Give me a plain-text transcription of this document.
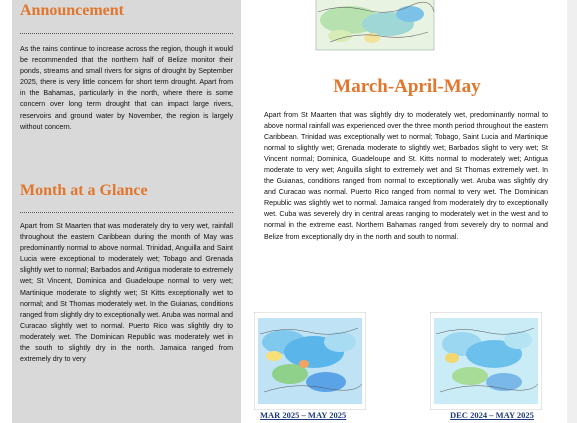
Announcement

As the rains continue to increase across the region, though it would be recommended that the northern half of Belize monitor their ponds, streams and small rivers for signs of drought by September 2025, there is very little concern for short term drought. Apart from in the Bahamas, particularly in the north, where there is some concern over long term drought that can impact large rivers, reservoirs and ground water by November, the region is largely without concern.

Month at a Glance

Apart from St Maarten that was moderately dry to very wet, rainfall throughout the eastern Caribbean during the month of May was predominantly normal to above normal. Trinidad, Anguilla and Saint Lucia were exceptional to moderately wet; Tobago and Grenada slightly wet to normal; Barbados and Antigua moderate to extremely wet; St Vincent, Dominica and Guadeloupe normal to very wet; Martinique moderate to slightly wet; St Kitts exceptionally wet to normal; and St Thomas moderately wet. In the Guianas, conditions ranged from slightly dry to exceptionally wet. Aruba was normal and Curacao slightly wet to normal. Puerto Rico was slightly dry to moderately wet. The Dominican Republic was moderately wet in the south to slightly dry in the north. Jamaica ranged from extremely dry to very

March-April-May

Apart from St Maarten that was slightly dry to moderately wet, predominantly normal to above normal rainfall was experienced over the three month period throughout the eastern Caribbean. Trinidad was exceptionally wet to normal; Tobago, Saint Lucia and Martinique normal to slightly wet; Grenada moderate to slightly wet; Barbados slight to very wet; St Vincent normal; Dominica, Guadeloupe and St. Kitts normal to moderately wet; Antigua moderate to very wet; Anguilla slight to extremely wet and St Thomas extremely wet. In the Guianas, conditions ranged from normal to exceptionally wet. Aruba was slightly dry and Curacao was normal. Puerto Rico ranged from normal to very wet. The Dominican Republic was slightly wet to normal. Jamaica ranged from moderately dry to exceptionally wet. Cuba was severely dry in central areas ranging to moderately wet in the west and to normal in the extreme east. Northern Bahamas ranged from severely dry to normal and Belize from exceptionally dry in the north and south to normal.

MAR 2025 – MAY 2025	DEC 2024 – MAY 2025
